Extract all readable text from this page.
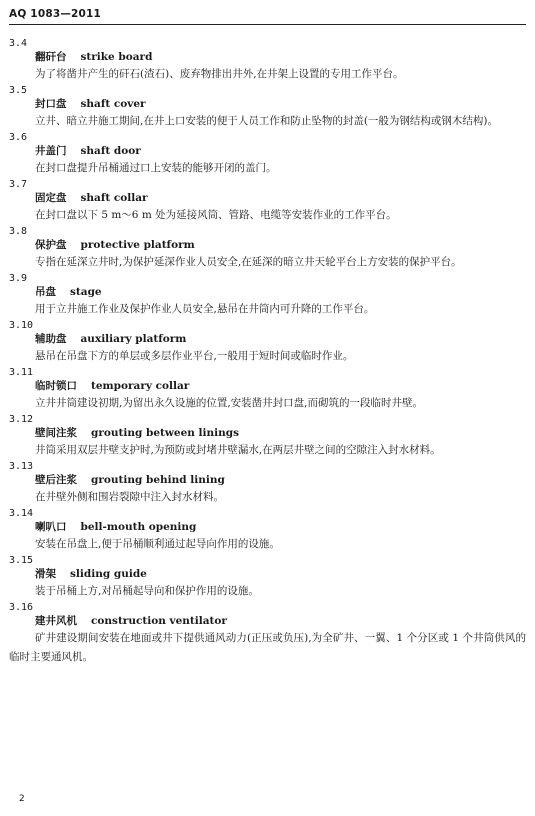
AQ 1083—2011
3.4
翻矸台 strike board
为了将凿井产生的矸石(渣石)、废弃物排出井外,在井架上设置的专用工作平台。
3.5
封口盘 shaft cover
立井、暗立井施工期间,在井上口安装的便于人员工作和防止坠物的封盖(一般为钢结构或钢木结构)。
3.6
井盖门 shaft door
在封口盘提升吊桶通过口上安装的能够开闭的盖门。
3.7
固定盘 shaft collar
在封口盘以下 5 m～6 m 处为延接风筒、管路、电缆等安装作业的工作平台。
3.8
保护盘 protective platform
专指在延深立井时,为保护延深作业人员安全,在延深的暗立井天轮平台上方安装的保护平台。
3.9
吊盘 stage
用于立井施工作业及保护作业人员安全,悬吊在井筒内可升降的工作平台。
3.10
辅助盘 auxiliary platform
悬吊在吊盘下方的单层或多层作业平台,一般用于短时间或临时作业。
3.11
临时锁口 temporary collar
立井井筒建设初期,为留出永久设施的位置,安装凿井封口盘,而砌筑的一段临时井壁。
3.12
壁间注浆 grouting between linings
井筒采用双层井壁支护时,为预防或封堵井壁漏水,在两层井壁之间的空隙注入封水材料。
3.13
壁后注浆 grouting behind lining
在井壁外侧和围岩裂隙中注入封水材料。
3.14
喇叭口 bell-mouth opening
安装在吊盘上,便于吊桶顺利通过起导向作用的设施。
3.15
滑架 sliding guide
装于吊桶上方,对吊桶起导向和保护作用的设施。
3.16
建井风机 construction ventilator
矿井建设期间安装在地面或井下提供通风动力(正压或负压),为全矿井、一翼、1 个分区或 1 个井筒供风的临时主要通风机。
2
